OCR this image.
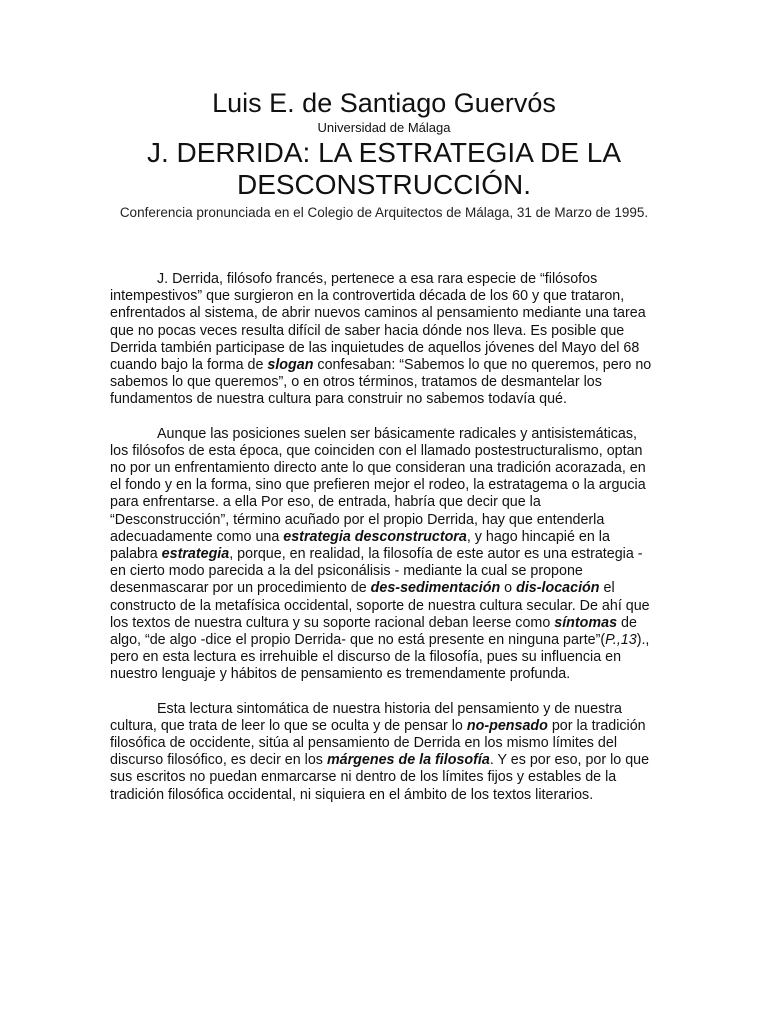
Luis E. de Santiago Guervós
Universidad de Málaga
J. DERRIDA: LA ESTRATEGIA DE LA
DESCONSTRUCCIÓN.
Conferencia pronunciada en el Colegio de Arquitectos de Málaga, 31 de Marzo de 1995.

J. Derrida, filósofo francés, pertenece a esa rara especie de “filósofos intempestivos” que surgieron en la controvertida década de los 60 y que trataron, enfrentados al sistema, de abrir nuevos caminos al pensamiento mediante una tarea que no pocas veces resulta difícil de saber hacia dónde nos lleva. Es posible que Derrida también participase de las inquietudes de aquellos jóvenes del Mayo del 68 cuando bajo la forma de slogan confesaban: “Sabemos lo que no queremos, pero no sabemos lo que queremos”, o en otros términos, tratamos de desmantelar los fundamentos de nuestra cultura para construir no sabemos todavía qué.

Aunque las posiciones suelen ser básicamente radicales y antisistemáticas, los filósofos de esta época, que coinciden con el llamado postestructuralismo, optan no por un enfrentamiento directo ante lo que consideran una tradición acorazada, en el fondo y en la forma, sino que prefieren mejor el rodeo, la estratagema o la argucia para enfrentarse. a ella Por eso, de entrada, habría que decir que la “Desconstrucción”, término acuñado por el propio Derrida, hay que entenderla adecuadamente como una estrategia desconstructora, y hago hincapié en la palabra estrategia, porque, en realidad, la filosofía de este autor es una estrategia - en cierto modo parecida a la del psiconálisis - mediante la cual se propone desenmascarar por un procedimiento de des-sedimentación o dis-locación el constructo de la metafísica occidental, soporte de nuestra cultura secular. De ahí que los textos de nuestra cultura y su soporte racional deban leerse como síntomas de algo, “de algo -dice el propio Derrida- que no está presente en ninguna parte”(P.,13)., pero en esta lectura es irrehuible el discurso de la filosofía, pues su influencia en nuestro lenguaje y hábitos de pensamiento es tremendamente profunda.

Esta lectura sintomática de nuestra historia del pensamiento y de nuestra cultura, que trata de leer lo que se oculta y de pensar lo no-pensado por la tradición filosófica de occidente, sitúa al pensamiento de Derrida en los mismo límites del discurso filosófico, es decir en los márgenes de la filosofía. Y es por eso, por lo que sus escritos no puedan enmarcarse ni dentro de los límites fijos y estables de la tradición filosófica occidental, ni siquiera en el ámbito de los textos literarios.
